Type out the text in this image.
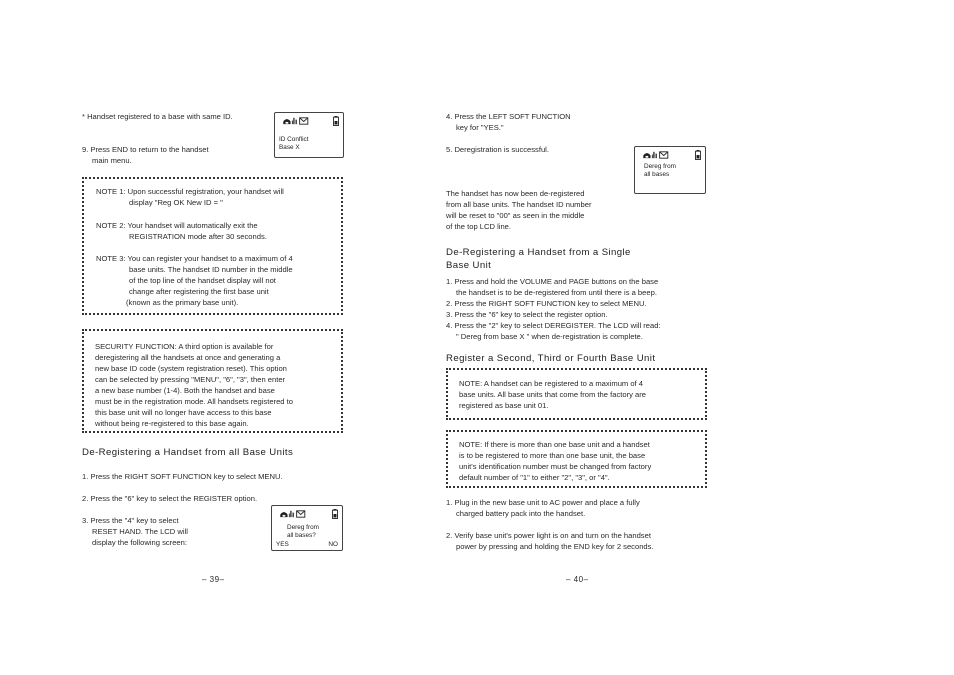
* Handset registered to a base with same ID.
9. Press END to return to the handset
main menu.
ID Conflict
Base X
NOTE 1: Upon successful registration, your handset will
display "Reg OK New ID = "
NOTE 2: Your handset will automatically exit the
REGISTRATION mode after 30 seconds.
NOTE 3: You can register your handset to a maximum of 4
base units. The handset ID number in the middle
of the top line of the handset display will not
change after registering the first base unit
(known as the primary base unit).
SECURITY FUNCTION: A third option is available for
deregistering all the handsets at once and generating a
new base ID code (system registration reset). This option
can be selected by pressing "MENU", "6", "3", then enter
a new base number (1-4). Both the handset and base
must be in the registration mode. All handsets registered to
this base unit will no longer have access to this base
without being re-registered to this base again.
De-Registering a Handset from all Base Units
1. Press the RIGHT SOFT FUNCTION key to select MENU.
2. Press the "6" key to select the REGISTER option.
3. Press the "4" key to select
RESET HAND. The LCD will
display the following screen:
Dereg from
all bases?
YES	NO
– 39–
4. Press the LEFT SOFT FUNCTION
key for "YES."
5. Deregistration is successful.
Dereg from
all bases
The handset has now been de-registered
from all base units. The handset ID number
will be reset to "00" as seen in the middle
of the top LCD line.
De-Registering a Handset from a Single
Base Unit
1. Press and hold the VOLUME and PAGE buttons on the base
the handset is to be de-registered from until there is a beep.
2. Press the RIGHT SOFT FUNCTION key to select MENU.
3. Press the "6" key to select the register option.
4. Press the "2" key to select DEREGISTER. The LCD will read:
" Dereg from base X " when de-registration is complete.
Register a Second, Third or Fourth Base Unit
NOTE: A handset can be registered to a maximum of 4
base units. All base units that come from the factory are
registered as base unit 01.
NOTE: If there is more than one base unit and a handset
is to be registered to more than one base unit, the base
unit's identification number must be changed from factory
default number of "1" to either "2", "3", or "4".
1. Plug in the new base unit to AC power and place a fully
charged battery pack into the handset.
2. Verify base unit's power light is on and turn on the handset
power by pressing and holding the END key for 2 seconds.
– 40–
